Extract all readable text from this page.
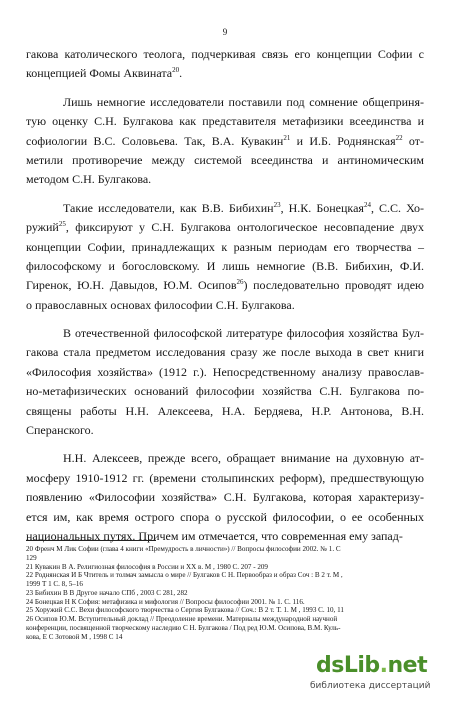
9
гакова католического теолога, подчеркивая связь его концепции Софии с
концепцией Фомы Аквината$^{20}$.
Лишь немногие исследователи поставили под сомнение общеприня-
тую оценку С.Н. Булгакова как представителя метафизики всеединства и
софиологии В.С. Соловьева. Так, В.А. Кувакин$^{21}$ и И.Б. Роднянская$^{22}$ от-
метили противоречие между системой всеединства и антиномическим
методом С.Н. Булгакова.
Такие исследователи, как В.В. Бибихин$^{23}$, Н.К. Бонецкая$^{24}$, С.С. Хо-
ружий$^{25}$, фиксируют у С.Н. Булгакова онтологическое несовпадение двух
концепции Софии, принадлежащих к разным периодам его творчества –
философскому и богословскому. И лишь немногие (В.В. Бибихин, Ф.И.
Гиренок, Ю.Н. Давыдов, Ю.М. Осипов$^{26}$) последовательно проводят идею
о православных основах философии С.Н. Булгакова.
В отечественной философской литературе философия хозяйства Бул-
гакова стала предметом исследования сразу же после выхода в свет книги
«Философия хозяйства» (1912 г.). Непосредственному анализу православ-
но-метафизических оснований философии хозяйства С.Н. Булгакова по-
священы работы Н.Н. Алексеева, Н.А. Бердяева, Н.Р. Антонова, В.Н.
Сперанского.
Н.Н. Алексеев, прежде всего, обращает внимание на духовную ат-
мосферу 1910-1912 гг. (времени столыпинских реформ), предшествующую
появлению «Философии хозяйства» С.Н. Булгакова, которая характеризу-
ется им, как время острого спора о русской философии, о ее особенных
национальных путях. Причем им отмечается, что современная ему запад-
20 Френч М Лик Софии (глава 4 книги «Премудрость в личности») // Вопросы философии 2002. № 1. С
129
21 Кувакин В А. Религиозная философия в России и XX в. М , 1980 С. 207 - 209
22 Роднянская И Б Чтитель и толмач замысла о мире // Булгаков С Н. Первообраз и образ Соч : В 2 т. М ,
1999 Т 1 С. 8, 5–16
23 Бибихин В В Другое начало СПб , 2003 С 281, 282
24 Бонецкая Н К София: метафизика и мифология // Вопросы философии 2001. № 1. С. 116.
25 Хоружий С.С. Вехи философского творчества о Сергия Булгакова // Соч.: В 2 т. Т. 1. М , 1993 С. 10, 11
26 Осипов Ю.М. Вступительный доклад // Преодоление времени. Материалы международной научной
конференции, посвященной творческому наследию С Н. Булгакова / Под ред Ю.М. Осипова, В.М. Куль-
кова, Е С Зотовой М , 1998 С 14
dsLib.net
библиотека диссертаций
